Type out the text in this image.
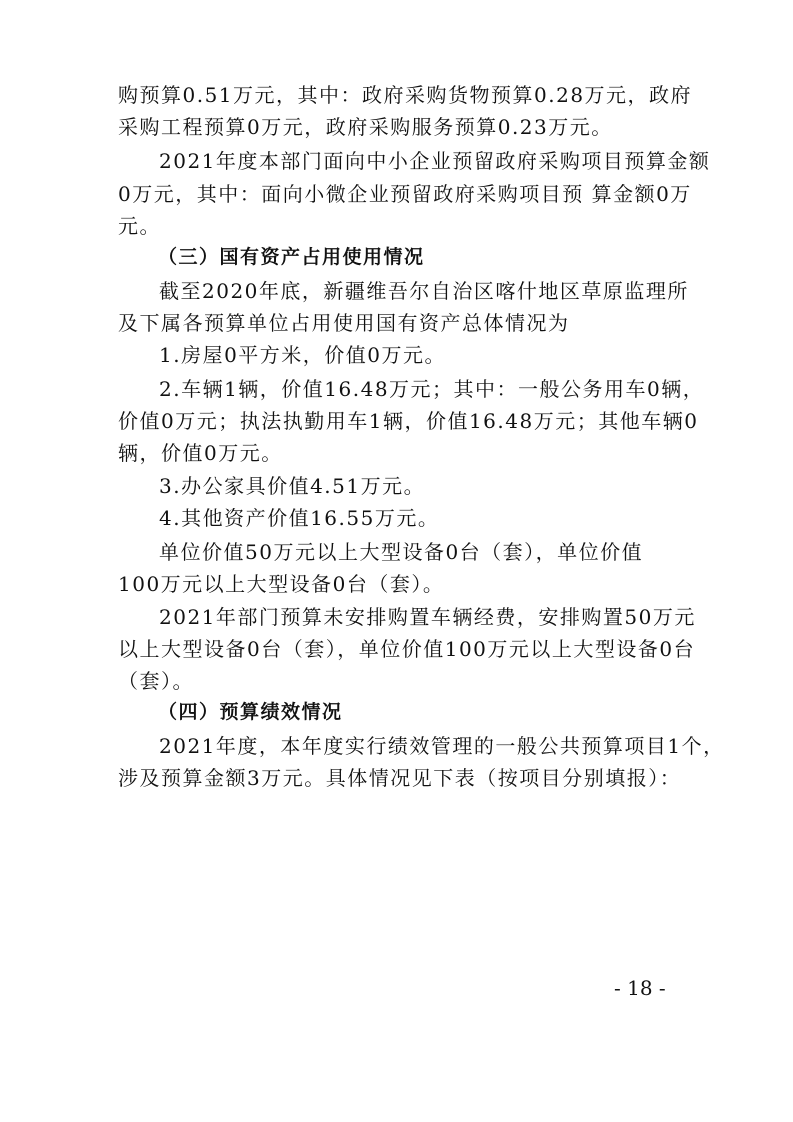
购预算0.51万元，其中：政府采购货物预算0.28万元，政府
采购工程预算0万元，政府采购服务预算0.23万元。
2021年度本部门面向中小企业预留政府采购项目预算金额
0万元，其中：面向小微企业预留政府采购项目预 算金额0万
元。
（三）国有资产占用使用情况
截至2020年底，新疆维吾尔自治区喀什地区草原监理所
及下属各预算单位占用使用国有资产总体情况为
1.房屋0平方米，价值0万元。
2.车辆1辆，价值16.48万元；其中：一般公务用车0辆，
价值0万元；执法执勤用车1辆，价值16.48万元；其他车辆0
辆，价值0万元。
3.办公家具价值4.51万元。
4.其他资产价值16.55万元。
单位价值50万元以上大型设备0台（套），单位价值
100万元以上大型设备0台（套）。
2021年部门预算未安排购置车辆经费，安排购置50万元
以上大型设备0台（套），单位价值100万元以上大型设备0台
（套）。
（四）预算绩效情况
2021年度，本年度实行绩效管理的一般公共预算项目1个，
涉及预算金额3万元。具体情况见下表（按项目分别填报）：
- 18 -
